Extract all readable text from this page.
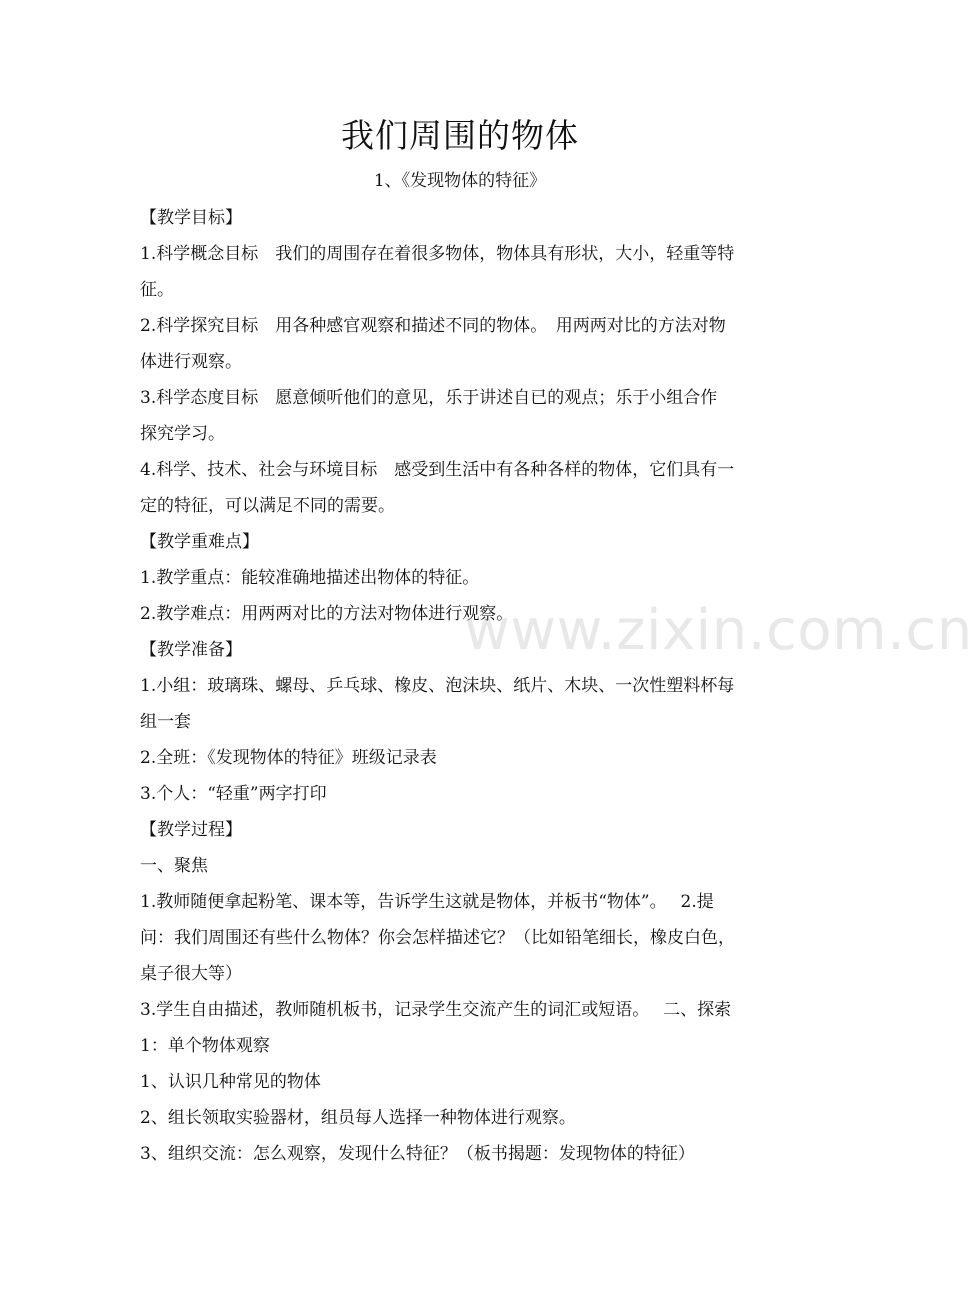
我们周围的物体
1、《发现物体的特征》
【教学目标】
1.科学概念目标　我们的周围存在着很多物体，物体具有形状，大小，轻重等特
征。
2.科学探究目标　用各种感官观察和描述不同的物体。　用两两对比的方法对物
体进行观察。
3.科学态度目标　愿意倾听他们的意见，乐于讲述自已的观点；乐于小组合作
探究学习。
4.科学、技术、社会与环境目标　感受到生活中有各种各样的物体，它们具有一
定的特征，可以满足不同的需要。
【教学重难点】
1.教学重点：能较准确地描述出物体的特征。
2.教学难点：用两两对比的方法对物体进行观察。
【教学准备】
1.小组：玻璃珠、螺母、乒乓球、橡皮、泡沫块、纸片、木块、一次性塑料杯每
组一套
2.全班：《发现物体的特征》班级记录表
3.个人：“轻重”两字打印
【教学过程】
一、聚焦
1.教师随便拿起粉笔、课本等，告诉学生这就是物体，并板书“物体”。　 2.提
问：我们周围还有些什么物体？你会怎样描述它？（比如铅笔细长，橡皮白色，
桌子很大等）
3.学生自由描述，教师随机板书，记录学生交流产生的词汇或短语。　 二、探索
1：单个物体观察
1、认识几种常见的物体
2、组长领取实验器材，组员每人选择一种物体进行观察。
3、组织交流：怎么观察，发现什么特征？（板书揭题：发现物体的特征）
www.zixin.com.cn
